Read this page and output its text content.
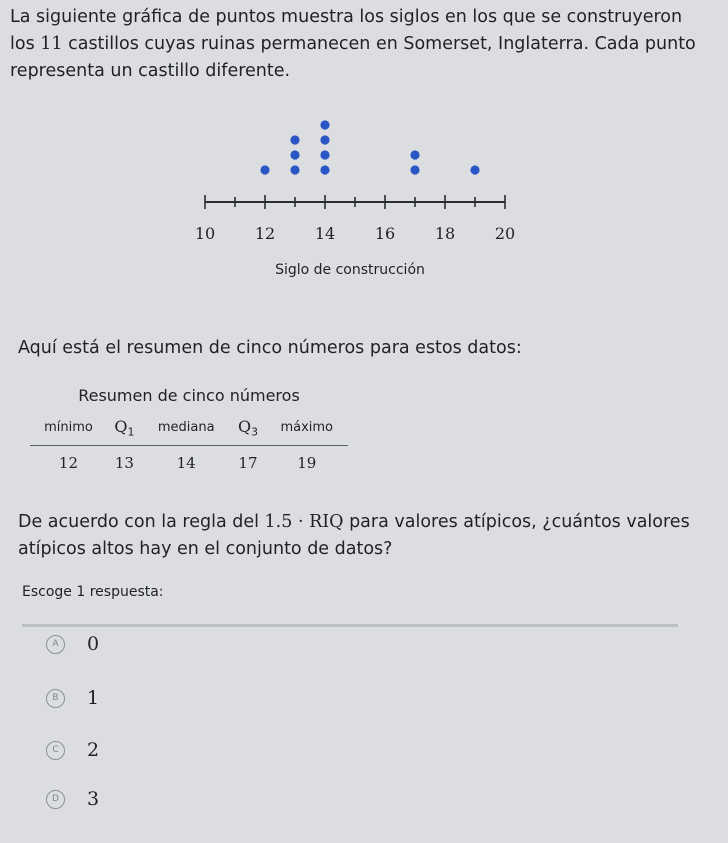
La siguiente gráfica de puntos muestra los siglos en los que se construyeron los 11 castillos cuyas ruinas permanecen en Somerset, Inglaterra. Cada punto representa un castillo diferente.

Siglo de construcción
10	12	14	16	18	20
Aquí está el resumen de cinco números para estos datos:
Resumen de cinco números
mínimo	$Q_1$	mediana	$Q_3$	máximo
12	13	14	17	19

De acuerdo con la regla del 1.5 · RIQ para valores atípicos, ¿cuántos valores atípicos altos hay en el conjunto de datos?

Escoge 1 respuesta:
A	0
B	1
C	2
D	3
